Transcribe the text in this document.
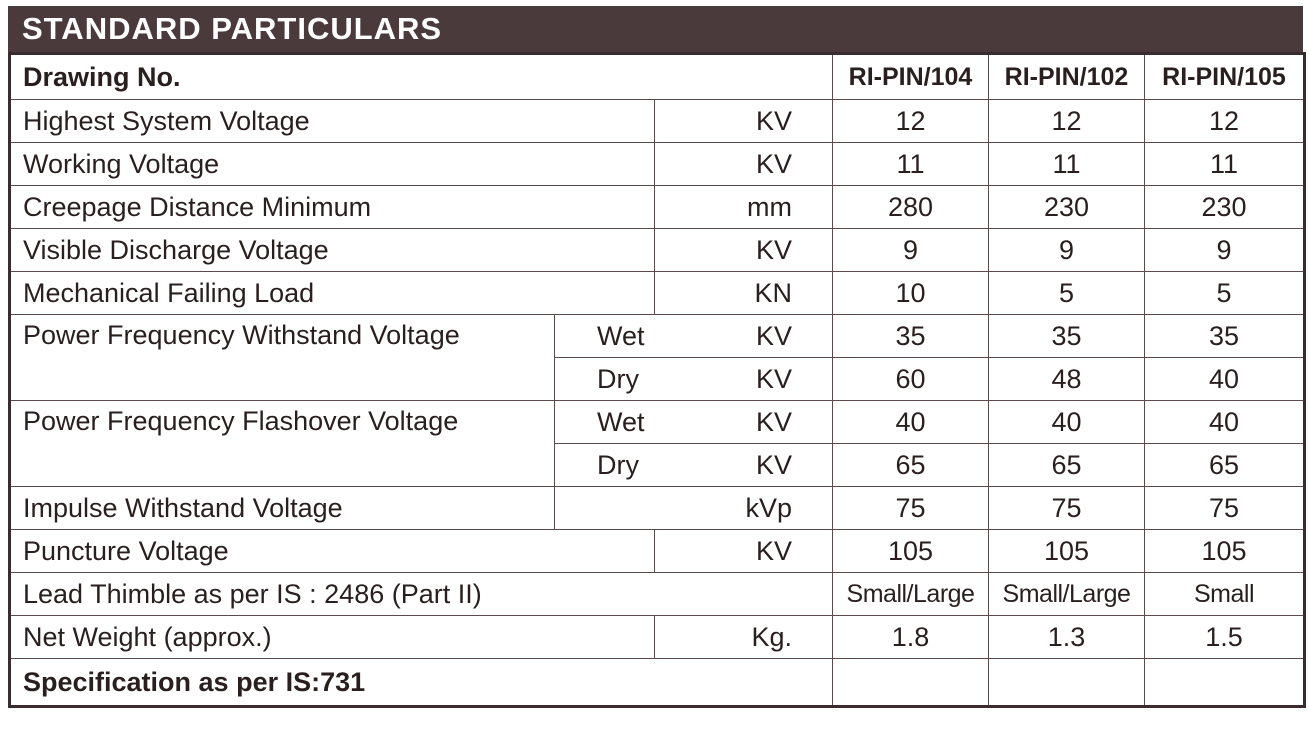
STANDARD PARTICULARS
Drawing No.			RI-PIN/104	RI-PIN/102	RI-PIN/105
Highest System Voltage		KV	12	12	12
Working Voltage		KV	11	11	11
Creepage Distance Minimum		mm	280	230	230
Visible Discharge Voltage		KV	9	9	9
Mechanical Failing Load		KN	10	5	5
Power Frequency Withstand Voltage	Wet	KV	35	35	35
	Dry	KV	60	48	40
Power Frequency Flashover Voltage	Wet	KV	40	40	40
	Dry	KV	65	65	65
Impulse Withstand Voltage		kVp	75	75	75
Puncture Voltage		KV	105	105	105
Lead Thimble as per IS : 2486 (Part II)			Small/Large	Small/Large	Small
Net Weight (approx.)		Kg.	1.8	1.3	1.5
Specification as per IS:731					
